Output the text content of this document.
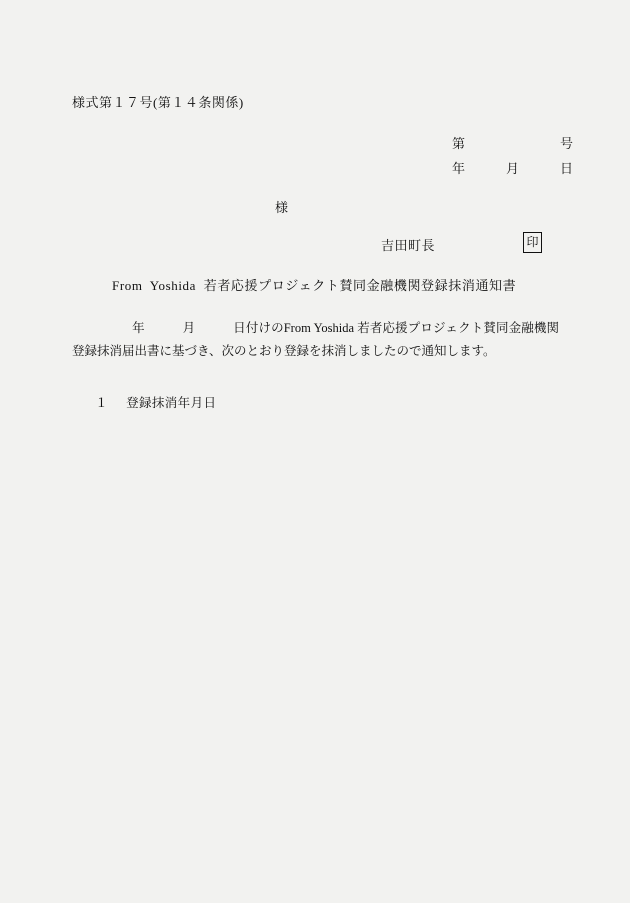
様式第１７号(第１４条関係)
第　　　　　　　号
年　　　月　　　日
様
吉田町長	印
From  Yoshida  若者応援プロジェクト賛同金融機関登録抹消通知書
年　　　月　　　日付けのFrom Yoshida 若者応援プロジェクト賛同金融機関登録抹消届出書に基づき、次のとおり登録を抹消しましたので通知します。

１ 登録抹消年月日
